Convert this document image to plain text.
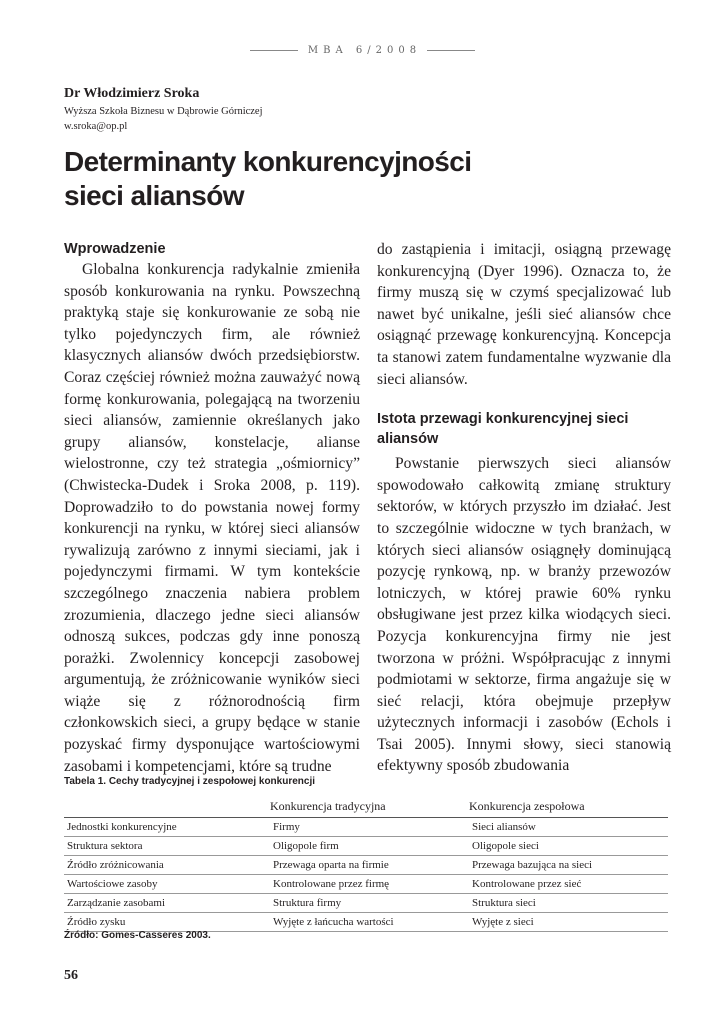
MBA 6/2008
Dr Włodzimierz Sroka
Wyższa Szkoła Biznesu w Dąbrowie Górniczej
w.sroka@op.pl
Determinanty konkurencyjności
sieci aliansów
Wprowadzenie

Globalna konkurencja radykalnie zmieniła sposób konkurowania na rynku. Powszechną praktyką staje się konkurowanie ze sobą nie tylko pojedynczych firm, ale również klasycznych aliansów dwóch przedsiębiorstw. Coraz częściej również można zauważyć nową formę konkurowania, polegającą na tworzeniu sieci aliansów, zamiennie określanych jako grupy aliansów, konstelacje, alianse wielostronne, czy też strategia „ośmiornicy” (Chwistecka-Dudek i Sroka 2008, p. 119). Doprowadziło to do powstania nowej formy konkurencji na rynku, w której sieci aliansów rywalizują zarówno z innymi sieciami, jak i pojedynczymi firmami. W tym kontekście szczególnego znaczenia nabiera problem zrozumienia, dlaczego jedne sieci aliansów odnoszą sukces, podczas gdy inne ponoszą porażki. Zwolennicy koncepcji zasobowej argumentują, że zróżnicowanie wyników sieci wiąże się z różnorodnością firm członkowskich sieci, a grupy będące w stanie pozyskać firmy dysponujące wartościowymi zasobami i kompetencjami, które są trudne

do zastąpienia i imitacji, osiągną przewagę konkurencyjną (Dyer 1996). Oznacza to, że firmy muszą się w czymś specjalizować lub nawet być unikalne, jeśli sieć aliansów chce osiągnąć przewagę konkurencyjną. Koncepcja ta stanowi zatem fundamentalne wyzwanie dla sieci aliansów.

Istota przewagi konkurencyjnej sieci aliansów

Powstanie pierwszych sieci aliansów spowodowało całkowitą zmianę struktury sektorów, w których przyszło im działać. Jest to szczególnie widoczne w tych branżach, w których sieci aliansów osiągnęły dominującą pozycję rynkową, np. w branży przewozów lotniczych, w której prawie 60% rynku obsługiwane jest przez kilka wiodących sieci. Pozycja konkurencyjna firmy nie jest tworzona w próżni. Współpracując z innymi podmiotami w sektorze, firma angażuje się w sieć relacji, która obejmuje przepływ użytecznych informacji i zasobów (Echols i Tsai 2005). Innymi słowy, sieci stanowią efektywny sposób zbudowania

Tabela 1. Cechy tradycyjnej i zespołowej konkurencji
	Konkurencja tradycyjna	Konkurencja zespołowa
Jednostki konkurencyjne	Firmy	Sieci aliansów
Struktura sektora	Oligopole firm	Oligopole sieci
Źródło zróżnicowania	Przewaga oparta na firmie	Przewaga bazująca na sieci
Wartościowe zasoby	Kontrolowane przez firmę	Kontrolowane przez sieć
Zarządzanie zasobami	Struktura firmy	Struktura sieci
Źródło zysku	Wyjęte z łańcucha wartości	Wyjęte z sieci
Źródło: Gomes-Casseres 2003.
56
